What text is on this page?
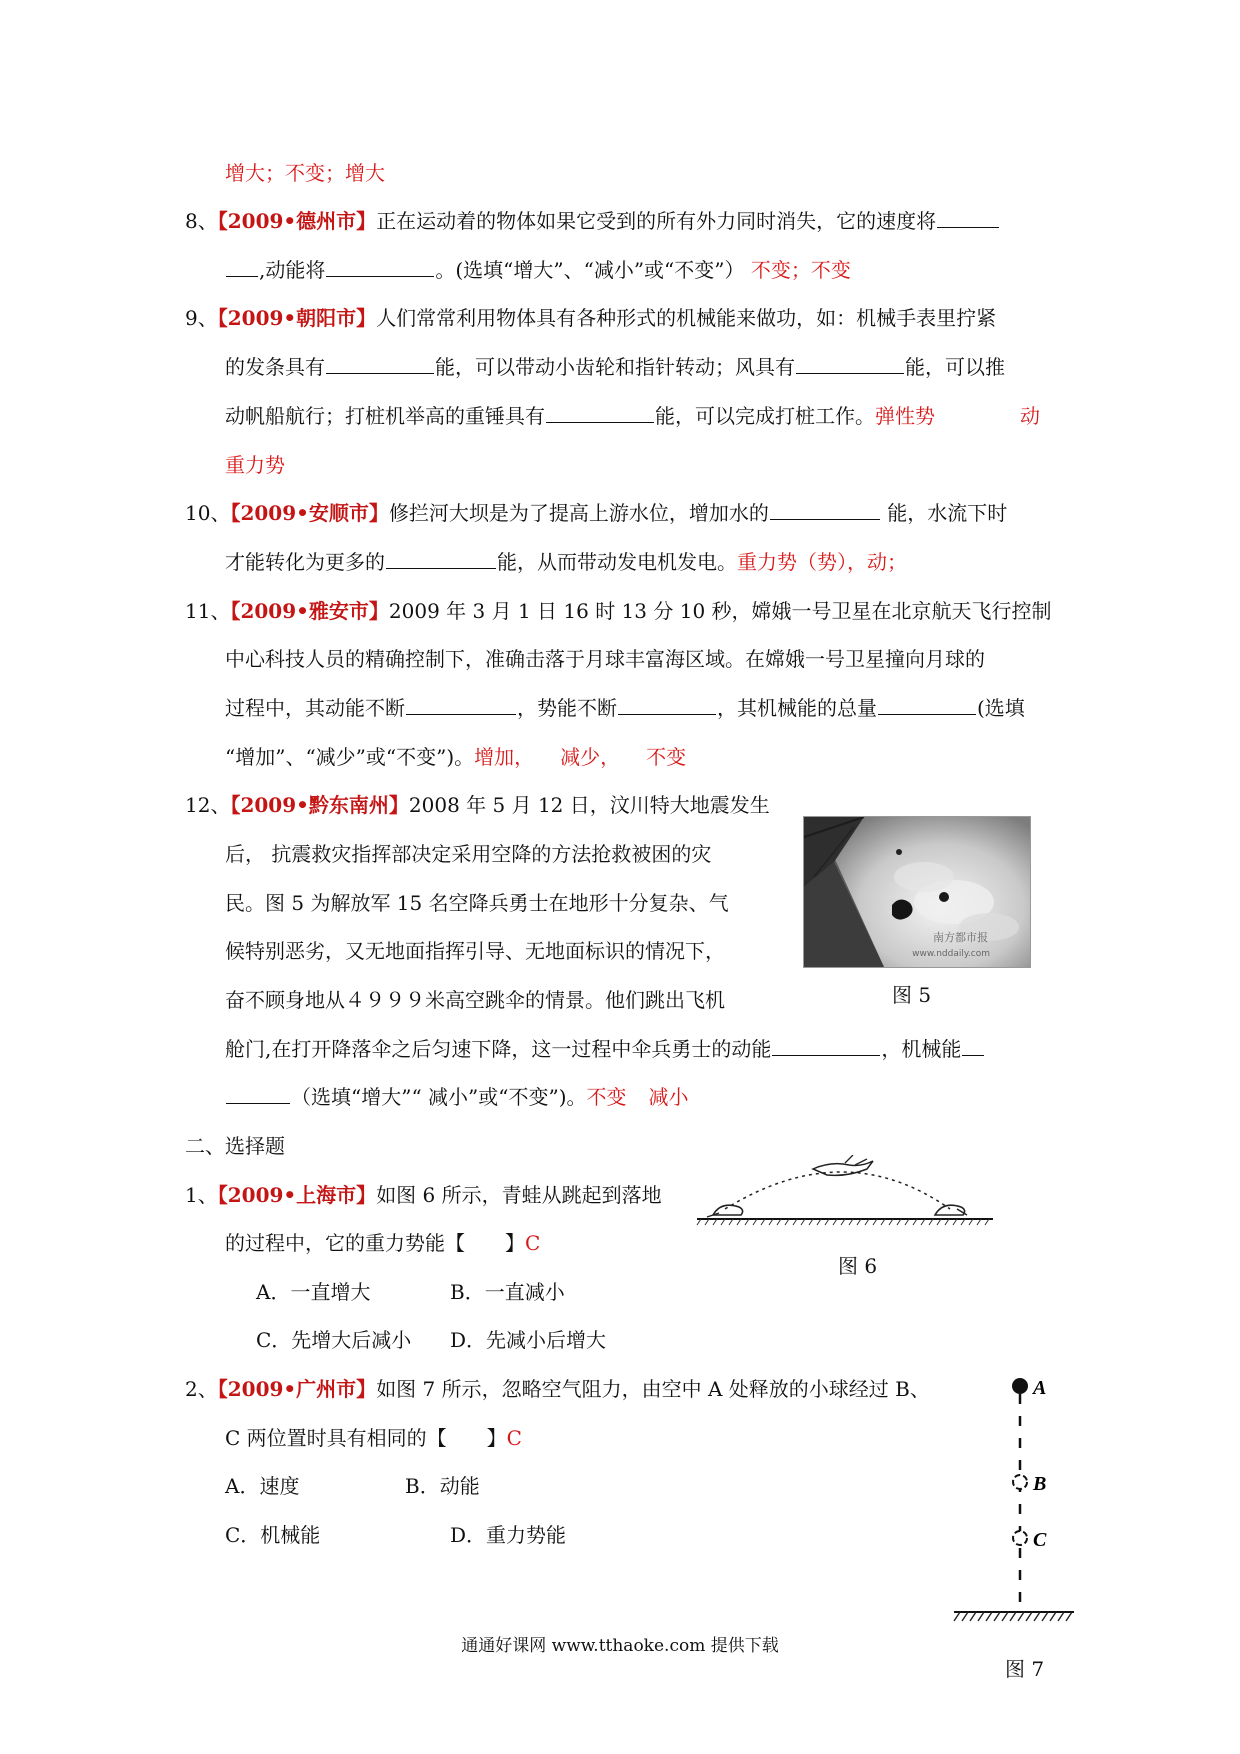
增大；不变；增大
8、【2009•德州市】正在运动着的物体如果它受到的所有外力同时消失，它的速度将
,动能将	。(选填“增大”、“减小”或“不变”） 不变；不变
9、【2009•朝阳市】人们常常利用物体具有各种形式的机械能来做功，如：机械手表里拧紧
的发条具有	能，可以带动小齿轮和指针转动；风具有	能，可以推
动帆船航行；打桩机举高的重锤具有	能，可以完成打桩工作。弹性势	动
重力势
10、【2009•安顺市】修拦河大坝是为了提高上游水位，增加水的	能，水流下时
才能转化为更多的	能，从而带动发电机发电。重力势（势），动；
11、【2009•雅安市】2009 年 3 月 1 日 16 时 13 分 10 秒，嫦娥一号卫星在北京航天飞行控制
中心科技人员的精确控制下，准确击落于月球丰富海区域。在嫦娥一号卫星撞向月球的
过程中，其动能不断	，势能不断	，其机械能的总量	(选填
“增加”、“减少”或“不变”)。增加， 减少， 不变
12、【2009•黔东南州】2008 年 5 月 12 日，汶川特大地震发生
后， 抗震救灾指挥部决定采用空降的方法抢救被困的灾
民。图 5 为解放军 15 名空降兵勇士在地形十分复杂、气
候特别恶劣，又无地面指挥引导、无地面标识的情况下，
奋不顾身地从４９９９米高空跳伞的情景。他们跳出飞机
舱门,在打开降落伞之后匀速下降，这一过程中伞兵勇士的动能	，机械能
（选填“增大”“ 减小”或“不变”)。不变 减小
南方都市报
www.nddaily.com
图 5
二、选择题
1、【2009•上海市】如图 6 所示，青蛙从跳起到落地
的过程中，它的重力势能【　　】C
A．一直增大	B．一直减小
C．先增大后减小 D．先减小后增大
图 6
2、【2009•广州市】如图 7 所示，忽略空气阻力，由空中 A 处释放的小球经过 B、
C 两位置时具有相同的【　　】C
A．速度	B．动能
C．机械能	D．重力势能
A
B
C
图 7
通通好课网 www.tthaoke.com 提供下载
